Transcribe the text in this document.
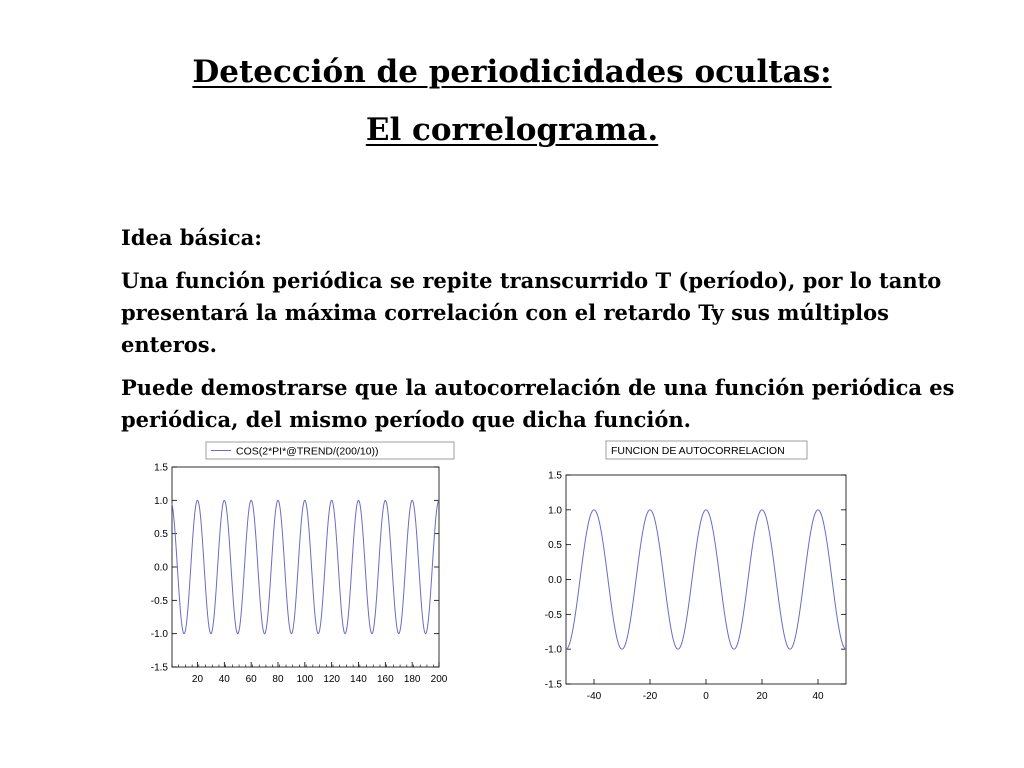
Detección de periodicidades ocultas:
El correlograma.

Idea básica:

Una función periódica se repite transcurrido T (período), por lo tanto presentará la máxima correlación con el retardo Ty sus múltiplos enteros.

Puede demostrarse que la autocorrelación de una función periódica es periódica, del mismo período que dicha función.

1.5
1.0
0.5
0.0
-0.5
-1.0
-1.5
20 40 60 80 100 120 140 160 180 200
COS(2*PI*@TREND/(200/10))
1.5
1.0
0.5
0.0
-0.5
-1.0
-1.5
-40	-20	0	20	40
FUNCION DE AUTOCORRELACION
